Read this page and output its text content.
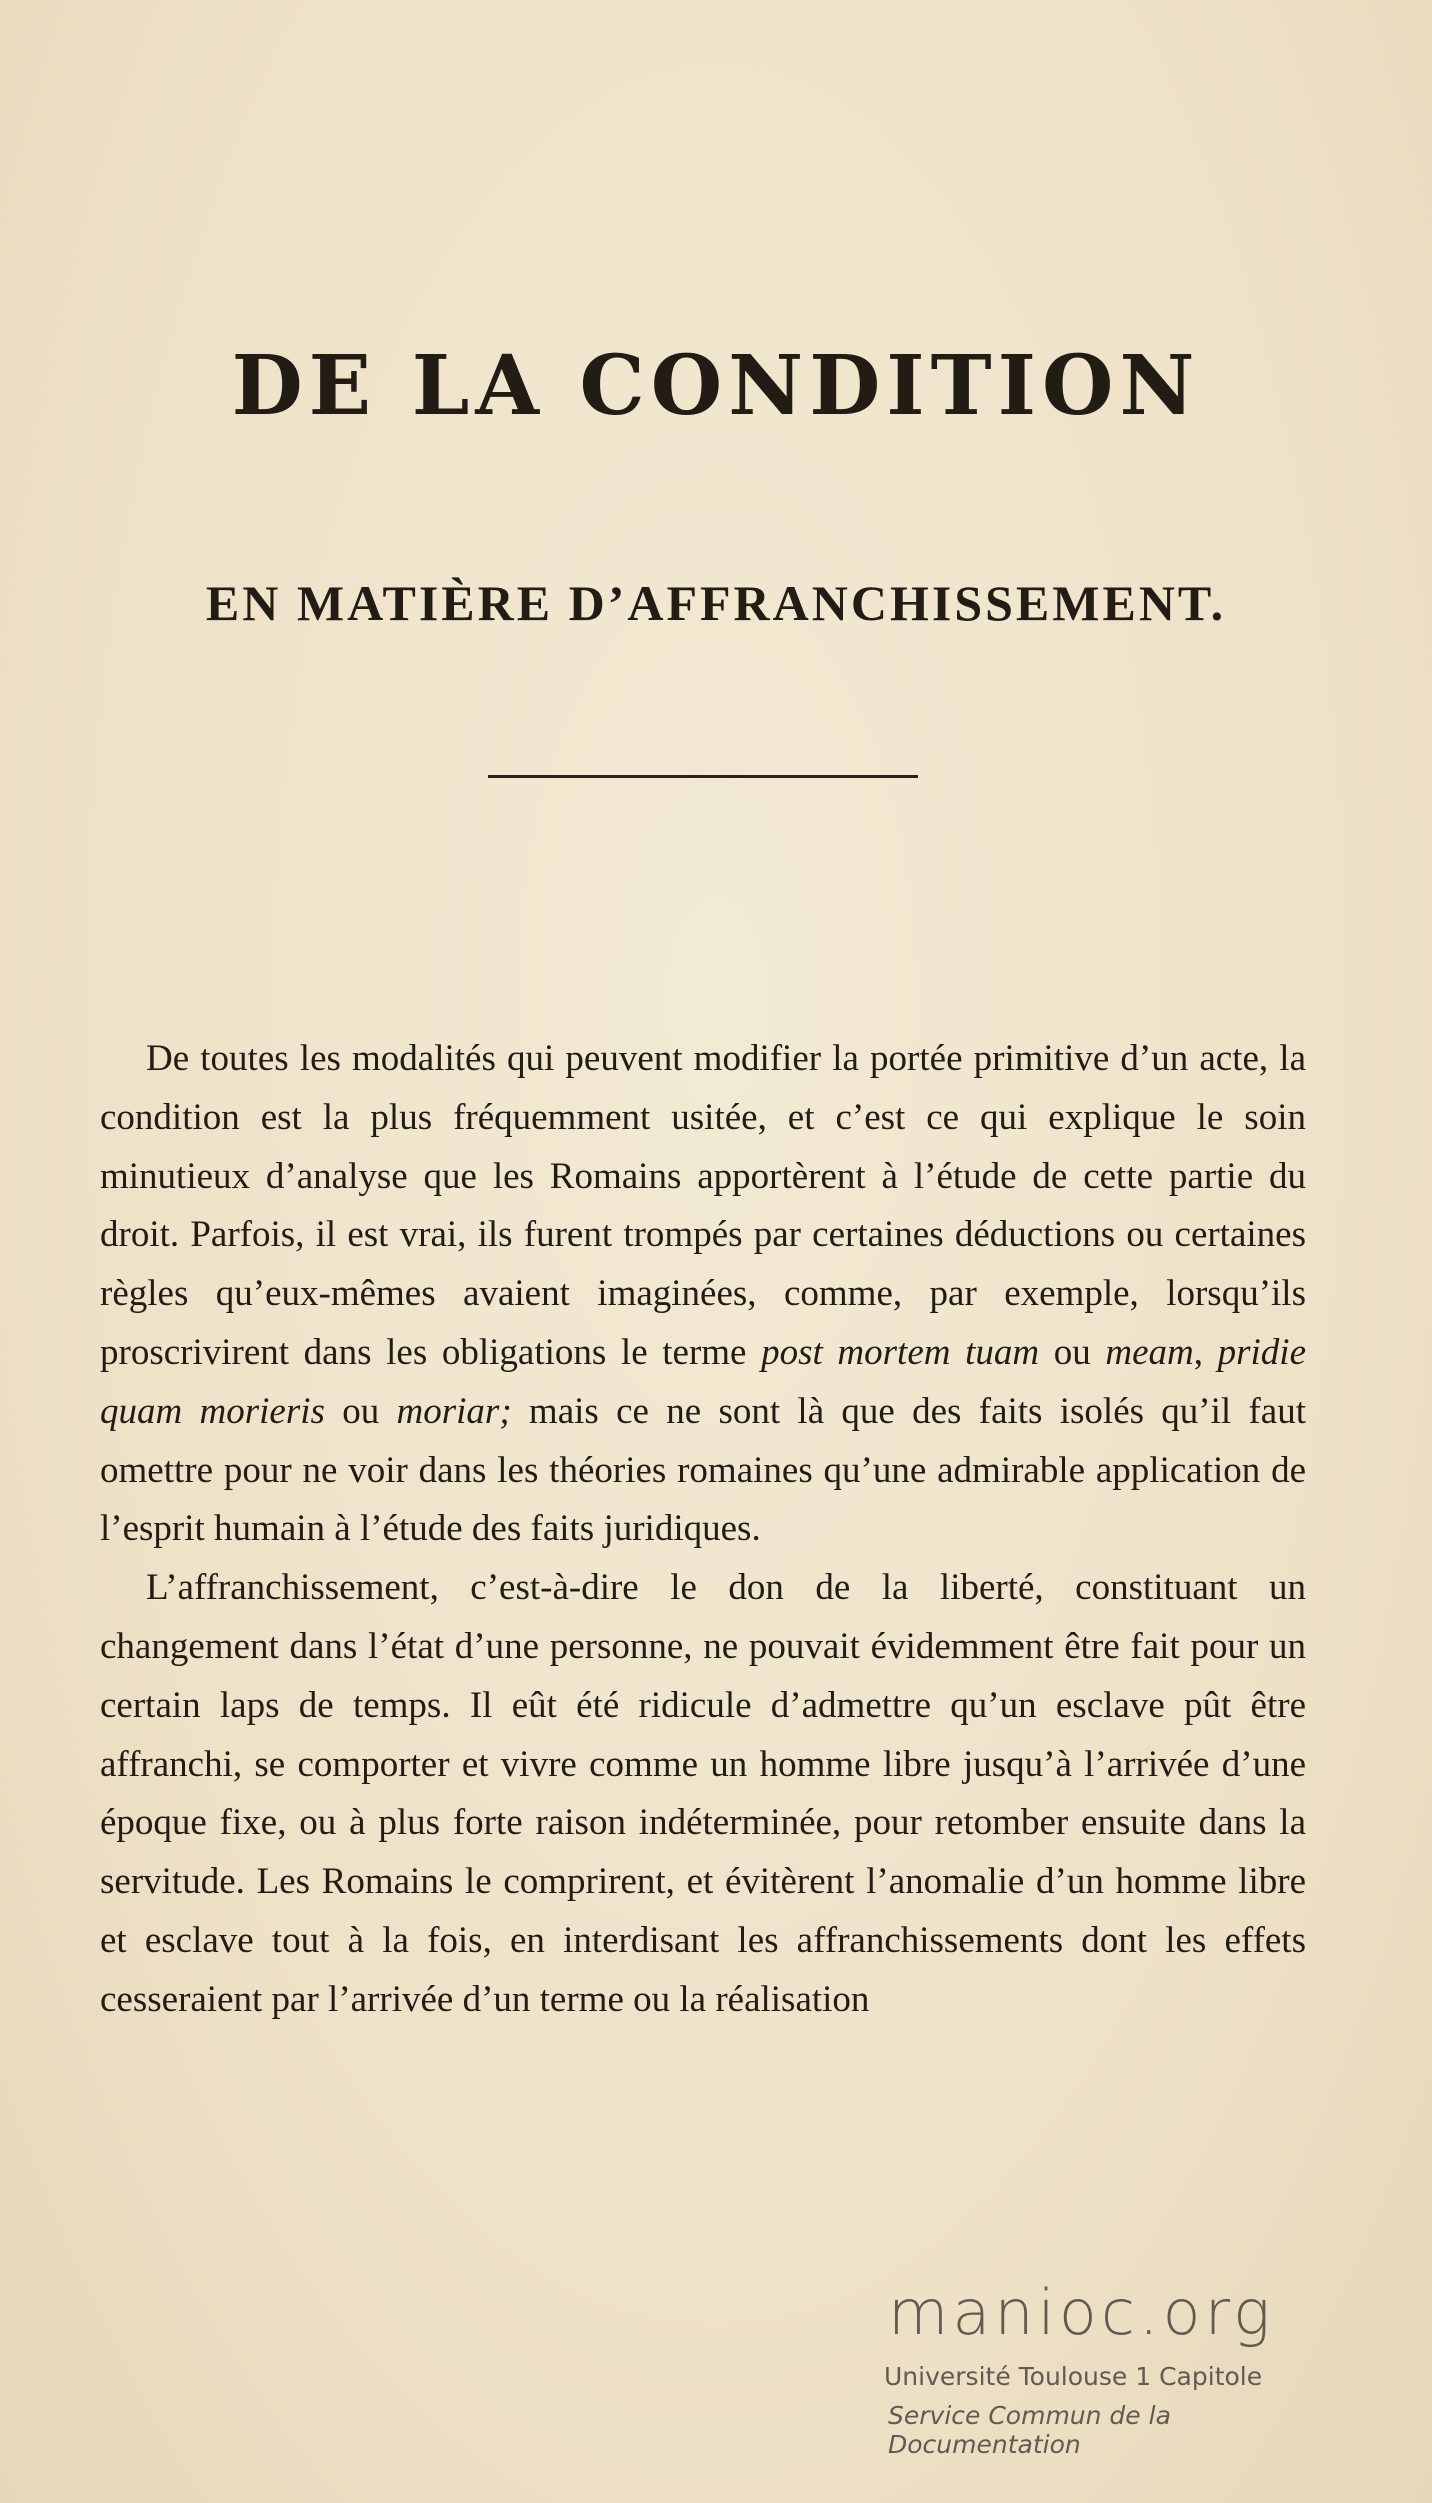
DE LA CONDITION
EN MATIÈRE D’AFFRANCHISSEMENT.

De toutes les modalités qui peuvent modifier la portée primitive d’un acte, la condition est la plus fréquemment usitée, et c’est ce qui explique le soin minutieux d’analyse que les Romains apportèrent à l’étude de cette partie du droit. Parfois, il est vrai, ils furent trompés par certaines déductions ou certaines règles qu’eux-mêmes avaient imaginées, comme, par exemple, lorsqu’ils proscrivirent dans les obligations le terme post mortem tuam ou meam, pridie quam morieris ou moriar; mais ce ne sont là que des faits isolés qu’il faut omettre pour ne voir dans les théories romaines qu’une admirable application de l’esprit humain à l’étude des faits juridiques.

L’affranchissement, c’est-à-dire le don de la liberté, constituant un changement dans l’état d’une personne, ne pouvait évidemment être fait pour un certain laps de temps. Il eût été ridicule d’admettre qu’un esclave pût être affranchi, se comporter et vivre comme un homme libre jusqu’à l’arrivée d’une époque fixe, ou à plus forte raison indéterminée, pour retomber ensuite dans la servitude. Les Romains le comprirent, et évitèrent l’anomalie d’un homme libre et esclave tout à la fois, en interdisant les affranchissements dont les effets cesseraient par l’arrivée d’un terme ou la réalisation

manioc.org
Université Toulouse 1 Capitole
Service Commun de la Documentation
